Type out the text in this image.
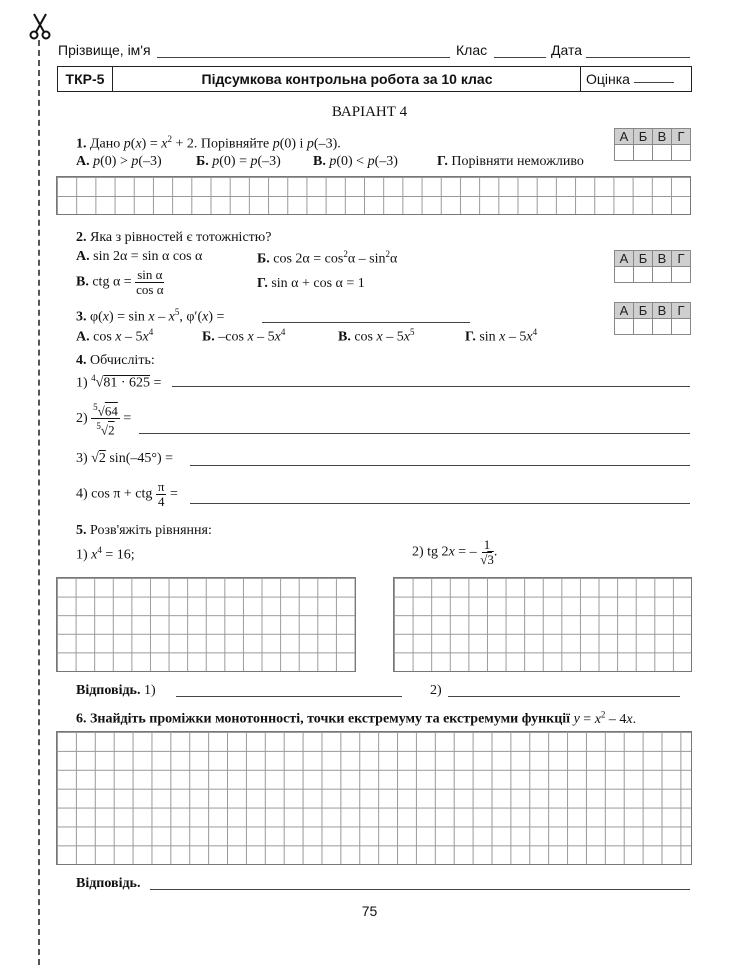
Прізвище, ім'я	Клас	Дата
ТКР-5	Підсумкова контрольна робота за 10 клас	Оцінка
ВАРІАНТ 4
1. Дано $p(x) = x^2 + 2$. Порівняйте p(0) і p(–3).
А. p(0) > p(–3) Б. p(0) = p(–3) В. p(0) < p(–3)	Г. Порівняти неможливо
А	Б	В	Г

2. Яка з рівностей є тотожністю?
А. sin 2α = sin α cos α	Б. $\cos 2\alpha = \cos^2\alpha - \sin^2\alpha$
В. ctg $\alpha = \frac{\text{sin α}}{\text{cos α}}$	Г. sin α + cos α = 1
А	Б	В	Г

3. $\varphi(x) = \sin x - x^5$, φ′(x) =
А. cos x – $5x^4$	Б. –cos x – $5x^4$	В. cos x – $5x^5$	Г. sin x – $5x^4$
А	Б	В	Г

4. Обчисліть:
1) $^4$√81 · 625 =
$2) \frac{^5√64}{^5√2}$ =
3) √2 sin(–45°) =
4) cos π + ctg $\frac{\pi}{4}$ =
5. Розв'яжіть рівняння:
1) $x^4 = 16$;	2) tg 2x = – $\frac{1}{√3}$ .
Відповідь. 1)	2)
6. Знайдіть проміжки монотонності, точки екстремуму та екстремуми функції $y = x^2 - 4x$.
Відповідь.
75
